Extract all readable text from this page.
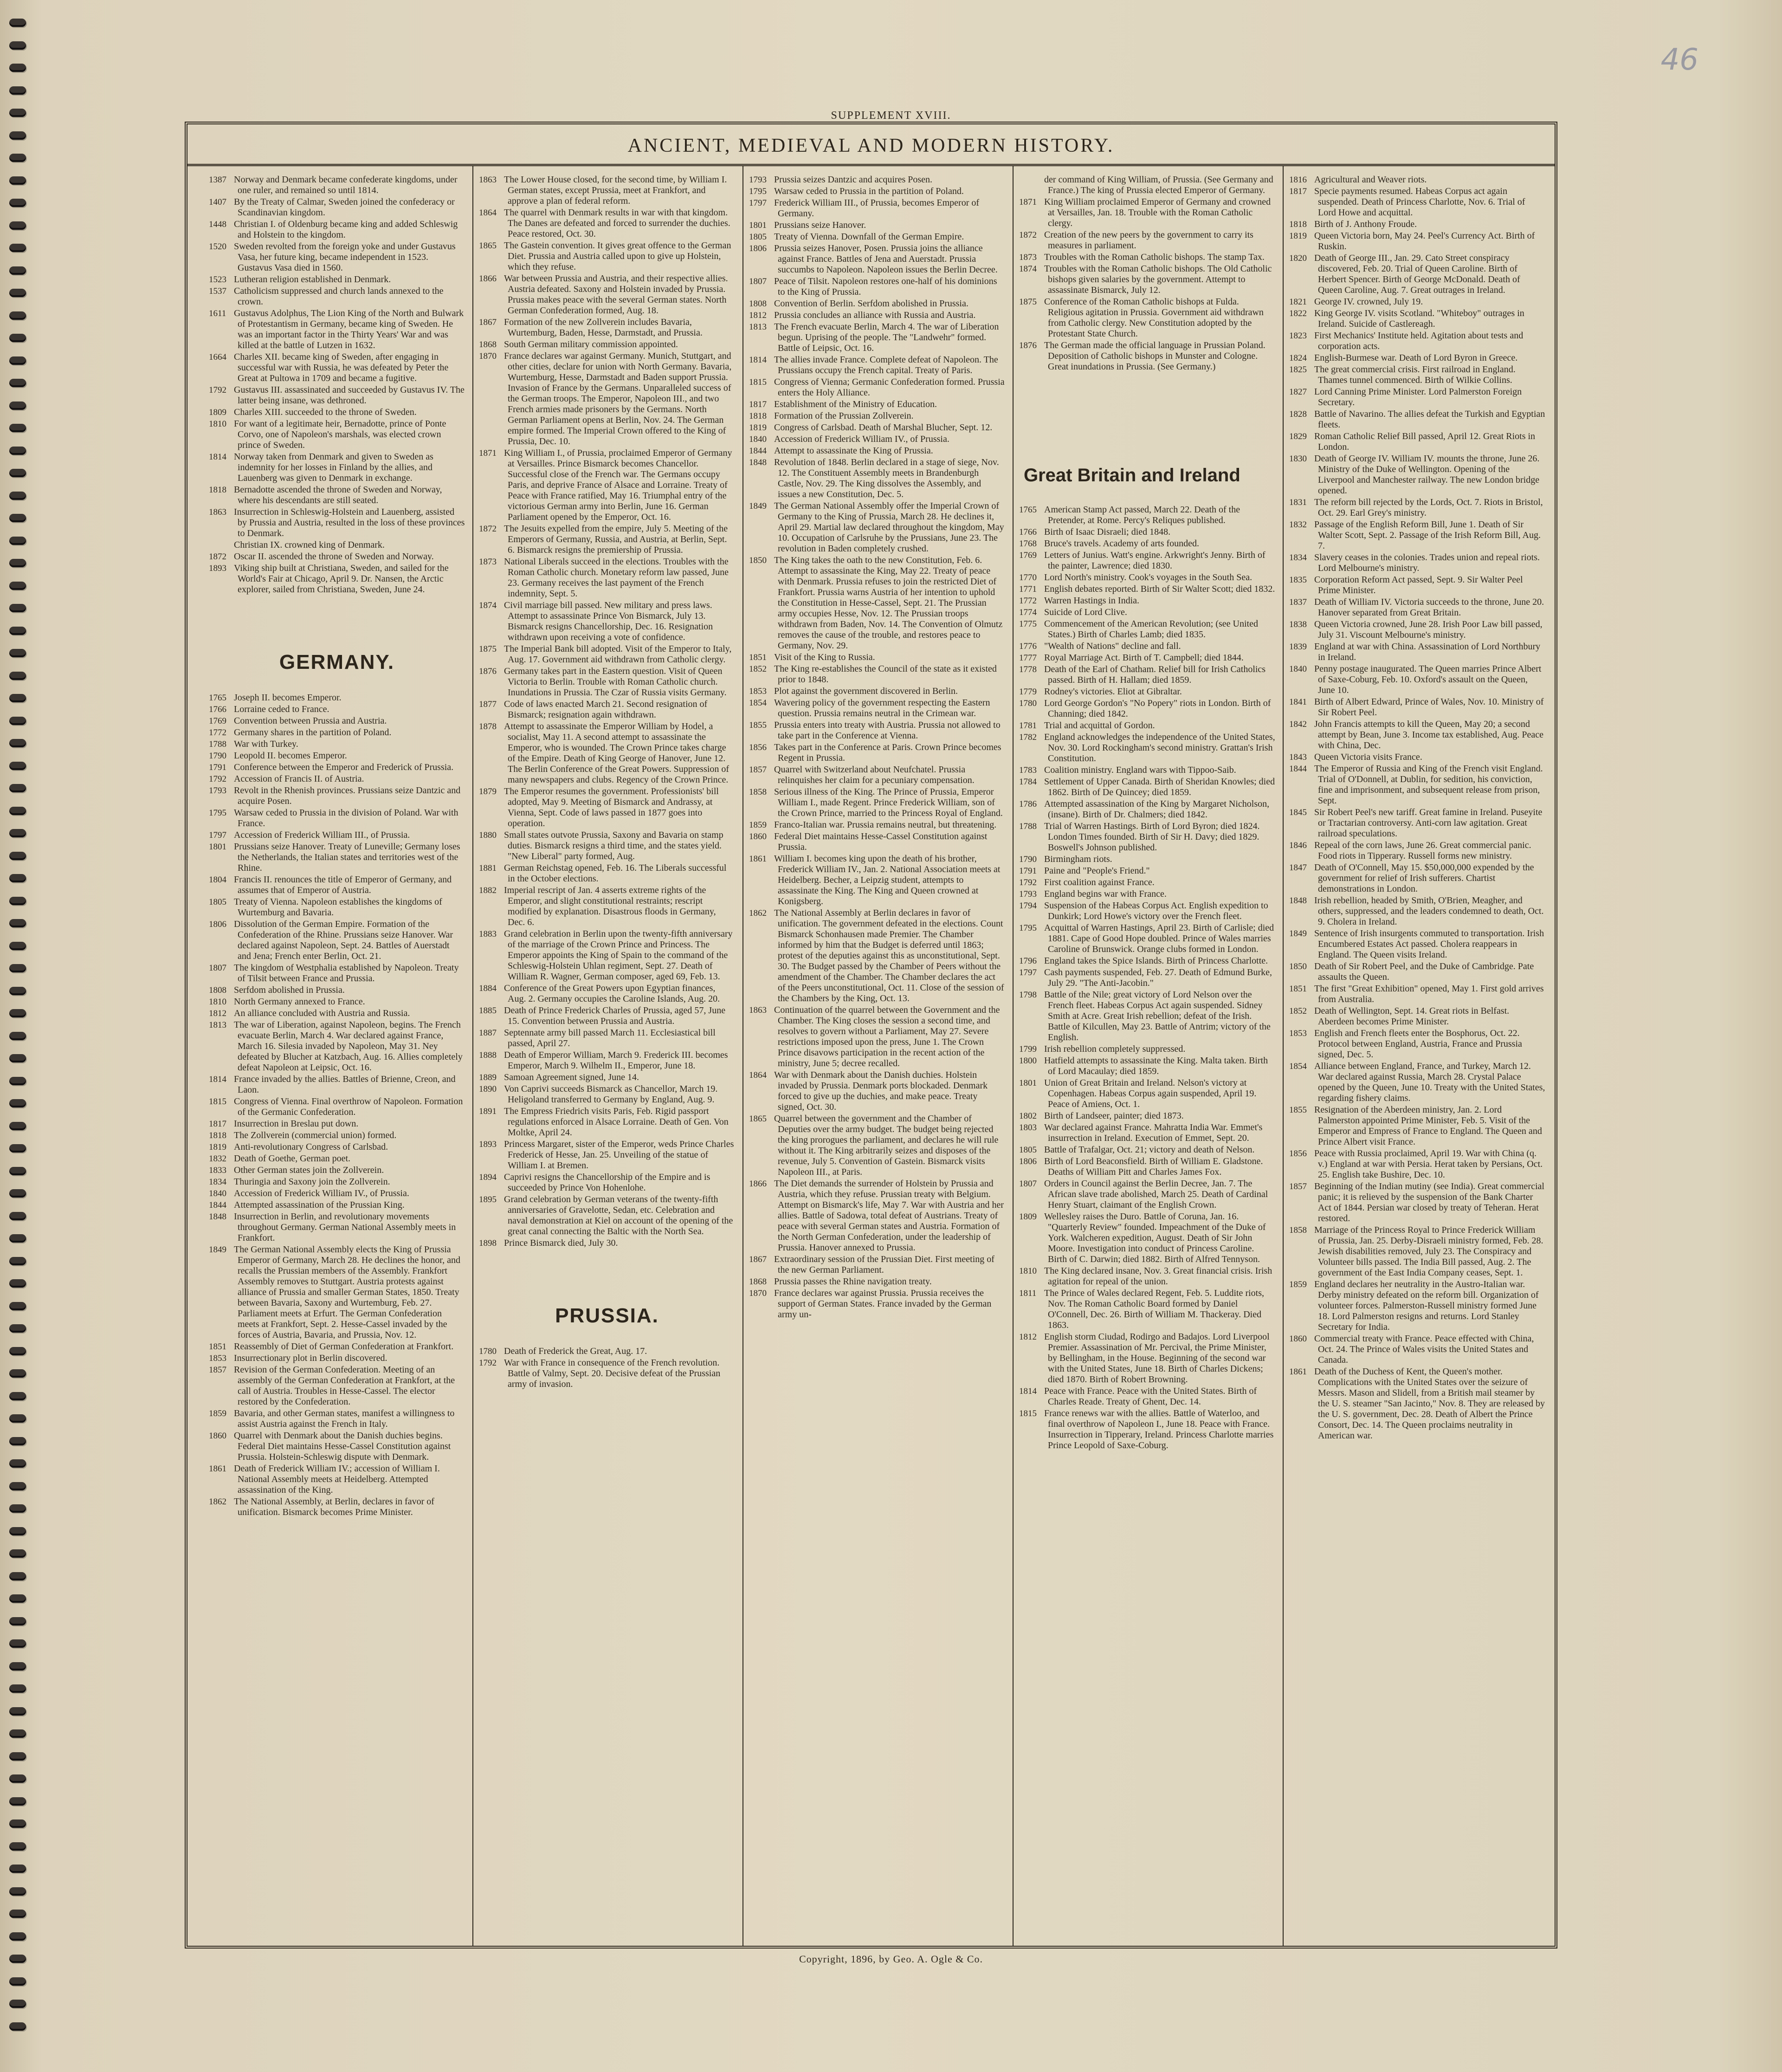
46
SUPPLEMENT XVIII.
ANCIENT, MEDIEVAL AND MODERN HISTORY.
1387 Norway and Denmark became confederate kingdoms, under one ruler, and remained so until 1814.
1407 By the Treaty of Calmar, Sweden joined the confederacy or Scandinavian kingdom.
1448 Christian I. of Oldenburg became king and added Schleswig and Holstein to the kingdom.
1520 Sweden revolted from the foreign yoke and under Gustavus Vasa, her future king, became independent in 1523. Gustavus Vasa died in 1560.
1523 Lutheran religion established in Denmark.
1537 Catholicism suppressed and church lands annexed to the crown.
1611 Gustavus Adolphus, The Lion King of the North and Bulwark of Protestantism in Germany, became king of Sweden. He was an important factor in the Thirty Years' War and was killed at the battle of Lutzen in 1632.
1664 Charles XII. became king of Sweden, after engaging in successful war with Russia, he was defeated by Peter the Great at Pultowa in 1709 and became a fugitive.
1792 Gustavus III. assassinated and succeeded by Gustavus IV. The latter being insane, was dethroned.
1809 Charles XIII. succeeded to the throne of Sweden.
1810 For want of a legitimate heir, Bernadotte, prince of Ponte Corvo, one of Napoleon's marshals, was elected crown prince of Sweden.
1814 Norway taken from Denmark and given to Sweden as indemnity for her losses in Finland by the allies, and Lauenberg was given to Denmark in exchange.
1818 Bernadotte ascended the throne of Sweden and Norway, where his descendants are still seated.
1863 Insurrection in Schleswig-Holstein and Lauenberg, assisted by Prussia and Austria, resulted in the loss of these provinces to Denmark.
Christian IX. crowned king of Denmark.
1872 Oscar II. ascended the throne of Sweden and Norway.
1893 Viking ship built at Christiana, Sweden, and sailed for the World's Fair at Chicago, April 9. Dr. Nansen, the Arctic explorer, sailed from Christiana, Sweden, June 24.
GERMANY.
1765 Joseph II. becomes Emperor.
1766 Lorraine ceded to France.
1769 Convention between Prussia and Austria.
1772 Germany shares in the partition of Poland.
1788 War with Turkey.
1790 Leopold II. becomes Emperor.
1791 Conference between the Emperor and Frederick of Prussia.
1792 Accession of Francis II. of Austria.
1793 Revolt in the Rhenish provinces. Prussians seize Dantzic and acquire Posen.
1795 Warsaw ceded to Prussia in the division of Poland. War with France.
1797 Accession of Frederick William III., of Prussia.
1801 Prussians seize Hanover. Treaty of Luneville; Germany loses the Netherlands, the Italian states and territories west of the Rhine.
1804 Francis II. renounces the title of Emperor of Germany, and assumes that of Emperor of Austria.
1805 Treaty of Vienna. Napoleon establishes the kingdoms of Wurtemburg and Bavaria.
1806 Dissolution of the German Empire. Formation of the Confederation of the Rhine. Prussians seize Hanover. War declared against Napoleon, Sept. 24. Battles of Auerstadt and Jena; French enter Berlin, Oct. 21.
1807 The kingdom of Westphalia established by Napoleon. Treaty of Tilsit between France and Prussia.
1808 Serfdom abolished in Prussia.
1810 North Germany annexed to France.
1812 An alliance concluded with Austria and Russia.
1813 The war of Liberation, against Napoleon, begins. The French evacuate Berlin, March 4. War declared against France, March 16. Silesia invaded by Napoleon, May 31. Ney defeated by Blucher at Katzbach, Aug. 16. Allies completely defeat Napoleon at Leipsic, Oct. 16.
1814 France invaded by the allies. Battles of Brienne, Creon, and Laon.
1815 Congress of Vienna. Final overthrow of Napoleon. Formation of the Germanic Confederation.
1817 Insurrection in Breslau put down.
1818 The Zollverein (commercial union) formed.
1819 Anti-revolutionary Congress of Carlsbad.
1832 Death of Goethe, German poet.
1833 Other German states join the Zollverein.
1834 Thuringia and Saxony join the Zollverein.
1840 Accession of Frederick William IV., of Prussia.
1844 Attempted assassination of the Prussian King.
1848 Insurrection in Berlin, and revolutionary movements throughout Germany. German National Assembly meets in Frankfort.
1849 The German National Assembly elects the King of Prussia Emperor of Germany, March 28. He declines the honor, and recalls the Prussian members of the Assembly. Frankfort Assembly removes to Stuttgart. Austria protests against alliance of Prussia and smaller German States, 1850. Treaty between Bavaria, Saxony and Wurtemburg, Feb. 27. Parliament meets at Erfurt. The German Confederation meets at Frankfort, Sept. 2. Hesse-Cassel invaded by the forces of Austria, Bavaria, and Prussia, Nov. 12.
1851 Reassembly of Diet of German Confederation at Frankfort.
1853 Insurrectionary plot in Berlin discovered.
1857 Revision of the German Confederation. Meeting of an assembly of the German Confederation at Frankfort, at the call of Austria. Troubles in Hesse-Cassel. The elector restored by the Confederation.
1859 Bavaria, and other German states, manifest a willingness to assist Austria against the French in Italy.
1860 Quarrel with Denmark about the Danish duchies begins. Federal Diet maintains Hesse-Cassel Constitution against Prussia. Holstein-Schleswig dispute with Denmark.
1861 Death of Frederick William IV.; accession of William I. National Assembly meets at Heidelberg. Attempted assassination of the King.
1862 The National Assembly, at Berlin, declares in favor of unification. Bismarck becomes Prime Minister.
1863 The Lower House closed, for the second time, by William I. German states, except Prussia, meet at Frankfort, and approve a plan of federal reform.
1864 The quarrel with Denmark results in war with that kingdom. The Danes are defeated and forced to surrender the duchies. Peace restored, Oct. 30.
1865 The Gastein convention. It gives great offence to the German Diet. Prussia and Austria called upon to give up Holstein, which they refuse.
1866 War between Prussia and Austria, and their respective allies. Austria defeated. Saxony and Holstein invaded by Prussia. Prussia makes peace with the several German states. North German Confederation formed, Aug. 18.
1867 Formation of the new Zollverein includes Bavaria, Wurtemburg, Baden, Hesse, Darmstadt, and Prussia.
1868 South German military commission appointed.
1870 France declares war against Germany. Munich, Stuttgart, and other cities, declare for union with North Germany. Bavaria, Wurtemburg, Hesse, Darmstadt and Baden support Prussia. Invasion of France by the Germans. Unparalleled success of the German troops. The Emperor, Napoleon III., and two French armies made prisoners by the Germans. North German Parliament opens at Berlin, Nov. 24. The German empire formed. The Imperial Crown offered to the King of Prussia, Dec. 10.
1871 King William I., of Prussia, proclaimed Emperor of Germany at Versailles. Prince Bismarck becomes Chancellor. Successful close of the French war. The Germans occupy Paris, and deprive France of Alsace and Lorraine. Treaty of Peace with France ratified, May 16. Triumphal entry of the victorious German army into Berlin, June 16. German Parliament opened by the Emperor, Oct. 16.
1872 The Jesuits expelled from the empire, July 5. Meeting of the Emperors of Germany, Russia, and Austria, at Berlin, Sept. 6. Bismarck resigns the premiership of Prussia.
1873 National Liberals succeed in the elections. Troubles with the Roman Catholic church. Monetary reform law passed, June 23. Germany receives the last payment of the French indemnity, Sept. 5.
1874 Civil marriage bill passed. New military and press laws. Attempt to assassinate Prince Von Bismarck, July 13. Bismarck resigns Chancellorship, Dec. 16. Resignation withdrawn upon receiving a vote of confidence.
1875 The Imperial Bank bill adopted. Visit of the Emperor to Italy, Aug. 17. Government aid withdrawn from Catholic clergy.
1876 Germany takes part in the Eastern question. Visit of Queen Victoria to Berlin. Trouble with Roman Catholic church. Inundations in Prussia. The Czar of Russia visits Germany.
1877 Code of laws enacted March 21. Second resignation of Bismarck; resignation again withdrawn.
1878 Attempt to assassinate the Emperor William by Hodel, a socialist, May 11. A second attempt to assassinate the Emperor, who is wounded. The Crown Prince takes charge of the Empire. Death of King George of Hanover, June 12. The Berlin Conference of the Great Powers. Suppression of many newspapers and clubs. Regency of the Crown Prince.
1879 The Emperor resumes the government. Professionists' bill adopted, May 9. Meeting of Bismarck and Andrassy, at Vienna, Sept. Code of laws passed in 1877 goes into operation.
1880 Small states outvote Prussia, Saxony and Bavaria on stamp duties. Bismarck resigns a third time, and the states yield. "New Liberal" party formed, Aug.
1881 German Reichstag opened, Feb. 16. The Liberals successful in the October elections.
1882 Imperial rescript of Jan. 4 asserts extreme rights of the Emperor, and slight constitutional restraints; rescript modified by explanation. Disastrous floods in Germany, Dec. 6.
1883 Grand celebration in Berlin upon the twenty-fifth anniversary of the marriage of the Crown Prince and Princess. The Emperor appoints the King of Spain to the command of the Schleswig-Holstein Uhlan regiment, Sept. 27. Death of William R. Wagner, German composer, aged 69, Feb. 13.
1884 Conference of the Great Powers upon Egyptian finances, Aug. 2. Germany occupies the Caroline Islands, Aug. 20.
1885 Death of Prince Frederick Charles of Prussia, aged 57, June 15. Convention between Prussia and Austria.
1887 Septennate army bill passed March 11. Ecclesiastical bill passed, April 27.
1888 Death of Emperor William, March 9. Frederick III. becomes Emperor, March 9. Wilhelm II., Emperor, June 18.
1889 Samoan Agreement signed, June 14.
1890 Von Caprivi succeeds Bismarck as Chancellor, March 19. Heligoland transferred to Germany by England, Aug. 9.
1891 The Empress Friedrich visits Paris, Feb. Rigid passport regulations enforced in Alsace Lorraine. Death of Gen. Von Moltke, April 24.
1893 Princess Margaret, sister of the Emperor, weds Prince Charles Frederick of Hesse, Jan. 25. Unveiling of the statue of William I. at Bremen.
1894 Caprivi resigns the Chancellorship of the Empire and is succeeded by Prince Von Hohenlohe.
1895 Grand celebration by German veterans of the twenty-fifth anniversaries of Gravelotte, Sedan, etc. Celebration and naval demonstration at Kiel on account of the opening of the great canal connecting the Baltic with the North Sea.
1898 Prince Bismarck died, July 30.
PRUSSIA.
1780 Death of Frederick the Great, Aug. 17.
1792 War with France in consequence of the French revolution. Battle of Valmy, Sept. 20. Decisive defeat of the Prussian army of invasion.
1793 Prussia seizes Dantzic and acquires Posen.
1795 Warsaw ceded to Prussia in the partition of Poland.
1797 Frederick William III., of Prussia, becomes Emperor of Germany.
1801 Prussians seize Hanover.
1805 Treaty of Vienna. Downfall of the German Empire.
1806 Prussia seizes Hanover, Posen. Prussia joins the alliance against France. Battles of Jena and Auerstadt. Prussia succumbs to Napoleon. Napoleon issues the Berlin Decree.
1807 Peace of Tilsit. Napoleon restores one-half of his dominions to the King of Prussia.
1808 Convention of Berlin. Serfdom abolished in Prussia.
1812 Prussia concludes an alliance with Russia and Austria.
1813 The French evacuate Berlin, March 4. The war of Liberation begun. Uprising of the people. The "Landwehr" formed. Battle of Leipsic, Oct. 16.
1814 The allies invade France. Complete defeat of Napoleon. The Prussians occupy the French capital. Treaty of Paris.
1815 Congress of Vienna; Germanic Confederation formed. Prussia enters the Holy Alliance.
1817 Establishment of the Ministry of Education.
1818 Formation of the Prussian Zollverein.
1819 Congress of Carlsbad. Death of Marshal Blucher, Sept. 12.
1840 Accession of Frederick William IV., of Prussia.
1844 Attempt to assassinate the King of Prussia.
1848 Revolution of 1848. Berlin declared in a stage of siege, Nov. 12. The Constituent Assembly meets in Brandenburgh Castle, Nov. 29. The King dissolves the Assembly, and issues a new Constitution, Dec. 5.
1849 The German National Assembly offer the Imperial Crown of Germany to the King of Prussia, March 28. He declines it, April 29. Martial law declared throughout the kingdom, May 10. Occupation of Carlsruhe by the Prussians, June 23. The revolution in Baden completely crushed.
1850 The King takes the oath to the new Constitution, Feb. 6. Attempt to assassinate the King, May 22. Treaty of peace with Denmark. Prussia refuses to join the restricted Diet of Frankfort. Prussia warns Austria of her intention to uphold the Constitution in Hesse-Cassel, Sept. 21. The Prussian army occupies Hesse, Nov. 12. The Prussian troops withdrawn from Baden, Nov. 14. The Convention of Olmutz removes the cause of the trouble, and restores peace to Germany, Nov. 29.
1851 Visit of the King to Russia.
1852 The King re-establishes the Council of the state as it existed prior to 1848.
1853 Plot against the government discovered in Berlin.
1854 Wavering policy of the government respecting the Eastern question. Prussia remains neutral in the Crimean war.
1855 Prussia enters into treaty with Austria. Prussia not allowed to take part in the Conference at Vienna.
1856 Takes part in the Conference at Paris. Crown Prince becomes Regent in Prussia.
1857 Quarrel with Switzerland about Neufchatel. Prussia relinquishes her claim for a pecuniary compensation.
1858 Serious illness of the King. The Prince of Prussia, Emperor William I., made Regent. Prince Frederick William, son of the Crown Prince, married to the Princess Royal of England.
1859 Franco-Italian war. Prussia remains neutral, but threatening.
1860 Federal Diet maintains Hesse-Cassel Constitution against Prussia.
1861 William I. becomes king upon the death of his brother, Frederick William IV., Jan. 2. National Association meets at Heidelberg. Becher, a Leipzig student, attempts to assassinate the King. The King and Queen crowned at Konigsberg.
1862 The National Assembly at Berlin declares in favor of unification. The government defeated in the elections. Count Bismarck Schonhausen made Premier. The Chamber informed by him that the Budget is deferred until 1863; protest of the deputies against this as unconstitutional, Sept. 30. The Budget passed by the Chamber of Peers without the amendment of the Chamber. The Chamber declares the act of the Peers unconstitutional, Oct. 11. Close of the session of the Chambers by the King, Oct. 13.
1863 Continuation of the quarrel between the Government and the Chamber. The King closes the session a second time, and resolves to govern without a Parliament, May 27. Severe restrictions imposed upon the press, June 1. The Crown Prince disavows participation in the recent action of the ministry, June 5; decree recalled.
1864 War with Denmark about the Danish duchies. Holstein invaded by Prussia. Denmark ports blockaded. Denmark forced to give up the duchies, and make peace. Treaty signed, Oct. 30.
1865 Quarrel between the government and the Chamber of Deputies over the army budget. The budget being rejected the king prorogues the parliament, and declares he will rule without it. The King arbitrarily seizes and disposes of the revenue, July 5. Convention of Gastein. Bismarck visits Napoleon III., at Paris.
1866 The Diet demands the surrender of Holstein by Prussia and Austria, which they refuse. Prussian treaty with Belgium. Attempt on Bismarck's life, May 7. War with Austria and her allies. Battle of Sadowa, total defeat of Austrians. Treaty of peace with several German states and Austria. Formation of the North German Confederation, under the leadership of Prussia. Hanover annexed to Prussia.
1867 Extraordinary session of the Prussian Diet. First meeting of the new German Parliament.
1868 Prussia passes the Rhine navigation treaty.
1870 France declares war against Prussia. Prussia receives the support of German States. France invaded by the German army un-
der command of King William, of Prussia. (See Germany and France.) The king of Prussia elected Emperor of Germany.
1871 King William proclaimed Emperor of Germany and crowned at Versailles, Jan. 18. Trouble with the Roman Catholic clergy.
1872 Creation of the new peers by the government to carry its measures in parliament.
1873 Troubles with the Roman Catholic bishops. The stamp Tax.
1874 Troubles with the Roman Catholic bishops. The Old Catholic bishops given salaries by the government. Attempt to assassinate Bismarck, July 12.
1875 Conference of the Roman Catholic bishops at Fulda. Religious agitation in Prussia. Government aid withdrawn from Catholic clergy. New Constitution adopted by the Protestant State Church.
1876 The German made the official language in Prussian Poland. Deposition of Catholic bishops in Munster and Cologne. Great inundations in Prussia. (See Germany.)
Great Britain and Ireland
1765 American Stamp Act passed, March 22. Death of the Pretender, at Rome. Percy's Reliques published.
1766 Birth of Isaac Disraeli; died 1848.
1768 Bruce's travels. Academy of arts founded.
1769 Letters of Junius. Watt's engine. Arkwright's Jenny. Birth of the painter, Lawrence; died 1830.
1770 Lord North's ministry. Cook's voyages in the South Sea.
1771 English debates reported. Birth of Sir Walter Scott; died 1832.
1772 Warren Hastings in India.
1774 Suicide of Lord Clive.
1775 Commencement of the American Revolution; (see United States.) Birth of Charles Lamb; died 1835.
1776 "Wealth of Nations" decline and fall.
1777 Royal Marriage Act. Birth of T. Campbell; died 1844.
1778 Death of the Earl of Chatham. Relief bill for Irish Catholics passed. Birth of H. Hallam; died 1859.
1779 Rodney's victories. Eliot at Gibraltar.
1780 Lord George Gordon's "No Popery" riots in London. Birth of Channing; died 1842.
1781 Trial and acquittal of Gordon.
1782 England acknowledges the independence of the United States, Nov. 30. Lord Rockingham's second ministry. Grattan's Irish Constitution.
1783 Coalition ministry. England wars with Tippoo-Saib.
1784 Settlement of Upper Canada. Birth of Sheridan Knowles; died 1862. Birth of De Quincey; died 1859.
1786 Attempted assassination of the King by Margaret Nicholson, (insane). Birth of Dr. Chalmers; died 1842.
1788 Trial of Warren Hastings. Birth of Lord Byron; died 1824. London Times founded. Birth of Sir H. Davy; died 1829. Boswell's Johnson published.
1790 Birmingham riots.
1791 Paine and "People's Friend."
1792 First coalition against France.
1793 England begins war with France.
1794 Suspension of the Habeas Corpus Act. English expedition to Dunkirk; Lord Howe's victory over the French fleet.
1795 Acquittal of Warren Hastings, April 23. Birth of Carlisle; died 1881. Cape of Good Hope doubled. Prince of Wales marries Caroline of Brunswick. Orange clubs formed in London.
1796 England takes the Spice Islands. Birth of Princess Charlotte.
1797 Cash payments suspended, Feb. 27. Death of Edmund Burke, July 29. "The Anti-Jacobin."
1798 Battle of the Nile; great victory of Lord Nelson over the French fleet. Habeas Corpus Act again suspended. Sidney Smith at Acre. Great Irish rebellion; defeat of the Irish. Battle of Kilcullen, May 23. Battle of Antrim; victory of the English.
1799 Irish rebellion completely suppressed.
1800 Hatfield attempts to assassinate the King. Malta taken. Birth of Lord Macaulay; died 1859.
1801 Union of Great Britain and Ireland. Nelson's victory at Copenhagen. Habeas Corpus again suspended, April 19. Peace of Amiens, Oct. 1.
1802 Birth of Landseer, painter; died 1873.
1803 War declared against France. Mahratta India War. Emmet's insurrection in Ireland. Execution of Emmet, Sept. 20.
1805 Battle of Trafalgar, Oct. 21; victory and death of Nelson.
1806 Birth of Lord Beaconsfield. Birth of William E. Gladstone. Deaths of William Pitt and Charles James Fox.
1807 Orders in Council against the Berlin Decree, Jan. 7. The African slave trade abolished, March 25. Death of Cardinal Henry Stuart, claimant of the English Crown.
1809 Wellesley raises the Duro. Battle of Coruna, Jan. 16. "Quarterly Review" founded. Impeachment of the Duke of York. Walcheren expedition, August. Death of Sir John Moore. Investigation into conduct of Princess Caroline. Birth of C. Darwin; died 1882. Birth of Alfred Tennyson.
1810 The King declared insane, Nov. 3. Great financial crisis. Irish agitation for repeal of the union.
1811 The Prince of Wales declared Regent, Feb. 5. Luddite riots, Nov. The Roman Catholic Board formed by Daniel O'Connell, Dec. 26. Birth of William M. Thackeray. Died 1863.
1812 English storm Ciudad, Rodirgo and Badajos. Lord Liverpool Premier. Assassination of Mr. Percival, the Prime Minister, by Bellingham, in the House. Beginning of the second war with the United States, June 18. Birth of Charles Dickens; died 1870. Birth of Robert Browning.
1814 Peace with France. Peace with the United States. Birth of Charles Reade. Treaty of Ghent, Dec. 14.
1815 France renews war with the allies. Battle of Waterloo, and final overthrow of Napoleon I., June 18. Peace with France. Insurrection in Tipperary, Ireland. Princess Charlotte marries Prince Leopold of Saxe-Coburg.
1816 Agricultural and Weaver riots.
1817 Specie payments resumed. Habeas Corpus act again suspended. Death of Princess Charlotte, Nov. 6. Trial of Lord Howe and acquittal.
1818 Birth of J. Anthony Froude.
1819 Queen Victoria born, May 24. Peel's Currency Act. Birth of Ruskin.
1820 Death of George III., Jan. 29. Cato Street conspiracy discovered, Feb. 20. Trial of Queen Caroline. Birth of Herbert Spencer. Birth of George McDonald. Death of Queen Caroline, Aug. 7. Great outrages in Ireland.
1821 George IV. crowned, July 19.
1822 King George IV. visits Scotland. "Whiteboy" outrages in Ireland. Suicide of Castlereagh.
1823 First Mechanics' Institute held. Agitation about tests and corporation acts.
1824 English-Burmese war. Death of Lord Byron in Greece.
1825 The great commercial crisis. First railroad in England. Thames tunnel commenced. Birth of Wilkie Collins.
1827 Lord Canning Prime Minister. Lord Palmerston Foreign Secretary.
1828 Battle of Navarino. The allies defeat the Turkish and Egyptian fleets.
1829 Roman Catholic Relief Bill passed, April 12. Great Riots in London.
1830 Death of George IV. William IV. mounts the throne, June 26. Ministry of the Duke of Wellington. Opening of the Liverpool and Manchester railway. The new London bridge opened.
1831 The reform bill rejected by the Lords, Oct. 7. Riots in Bristol, Oct. 29. Earl Grey's ministry.
1832 Passage of the English Reform Bill, June 1. Death of Sir Walter Scott, Sept. 2. Passage of the Irish Reform Bill, Aug. 7.
1834 Slavery ceases in the colonies. Trades union and repeal riots. Lord Melbourne's ministry.
1835 Corporation Reform Act passed, Sept. 9. Sir Walter Peel Prime Minister.
1837 Death of William IV. Victoria succeeds to the throne, June 20. Hanover separated from Great Britain.
1838 Queen Victoria crowned, June 28. Irish Poor Law bill passed, July 31. Viscount Melbourne's ministry.
1839 England at war with China. Assassination of Lord Northbury in Ireland.
1840 Penny postage inaugurated. The Queen marries Prince Albert of Saxe-Coburg, Feb. 10. Oxford's assault on the Queen, June 10.
1841 Birth of Albert Edward, Prince of Wales, Nov. 10. Ministry of Sir Robert Peel.
1842 John Francis attempts to kill the Queen, May 20; a second attempt by Bean, June 3. Income tax established, Aug. Peace with China, Dec.
1843 Queen Victoria visits France.
1844 The Emperor of Russia and King of the French visit England. Trial of O'Donnell, at Dublin, for sedition, his conviction, fine and imprisonment, and subsequent release from prison, Sept.
1845 Sir Robert Peel's new tariff. Great famine in Ireland. Puseyite or Tractarian controversy. Anti-corn law agitation. Great railroad speculations.
1846 Repeal of the corn laws, June 26. Great commercial panic. Food riots in Tipperary. Russell forms new ministry.
1847 Death of O'Connell, May 15. $50,000,000 expended by the government for relief of Irish sufferers. Chartist demonstrations in London.
1848 Irish rebellion, headed by Smith, O'Brien, Meagher, and others, suppressed, and the leaders condemned to death, Oct. 9. Cholera in Ireland.
1849 Sentence of Irish insurgents commuted to transportation. Irish Encumbered Estates Act passed. Cholera reappears in England. The Queen visits Ireland.
1850 Death of Sir Robert Peel, and the Duke of Cambridge. Pate assaults the Queen.
1851 The first "Great Exhibition" opened, May 1. First gold arrives from Australia.
1852 Death of Wellington, Sept. 14. Great riots in Belfast. Aberdeen becomes Prime Minister.
1853 English and French fleets enter the Bosphorus, Oct. 22. Protocol between England, Austria, France and Prussia signed, Dec. 5.
1854 Alliance between England, France, and Turkey, March 12. War declared against Russia, March 28. Crystal Palace opened by the Queen, June 10. Treaty with the United States, regarding fishery claims.
1855 Resignation of the Aberdeen ministry, Jan. 2. Lord Palmerston appointed Prime Minister, Feb. 5. Visit of the Emperor and Empress of France to England. The Queen and Prince Albert visit France.
1856 Peace with Russia proclaimed, April 19. War with China (q. v.) England at war with Persia. Herat taken by Persians, Oct. 25. English take Bushire, Dec. 10.
1857 Beginning of the Indian mutiny (see India). Great commercial panic; it is relieved by the suspension of the Bank Charter Act of 1844. Persian war closed by treaty of Teheran. Herat restored.
1858 Marriage of the Princess Royal to Prince Frederick William of Prussia, Jan. 25. Derby-Disraeli ministry formed, Feb. 28. Jewish disabilities removed, July 23. The Conspiracy and Volunteer bills passed. The India Bill passed, Aug. 2. The government of the East India Company ceases, Sept. 1.
1859 England declares her neutrality in the Austro-Italian war. Derby ministry defeated on the reform bill. Organization of volunteer forces. Palmerston-Russell ministry formed June 18. Lord Palmerston resigns and returns. Lord Stanley Secretary for India.
1860 Commercial treaty with France. Peace effected with China, Oct. 24. The Prince of Wales visits the United States and Canada.
1861 Death of the Duchess of Kent, the Queen's mother. Complications with the United States over the seizure of Messrs. Mason and Slidell, from a British mail steamer by the U. S. steamer "San Jacinto," Nov. 8. They are released by the U. S. government, Dec. 28. Death of Albert the Prince Consort, Dec. 14. The Queen proclaims neutrality in American war.
Copyright, 1896, by Geo. A. Ogle & Co.
